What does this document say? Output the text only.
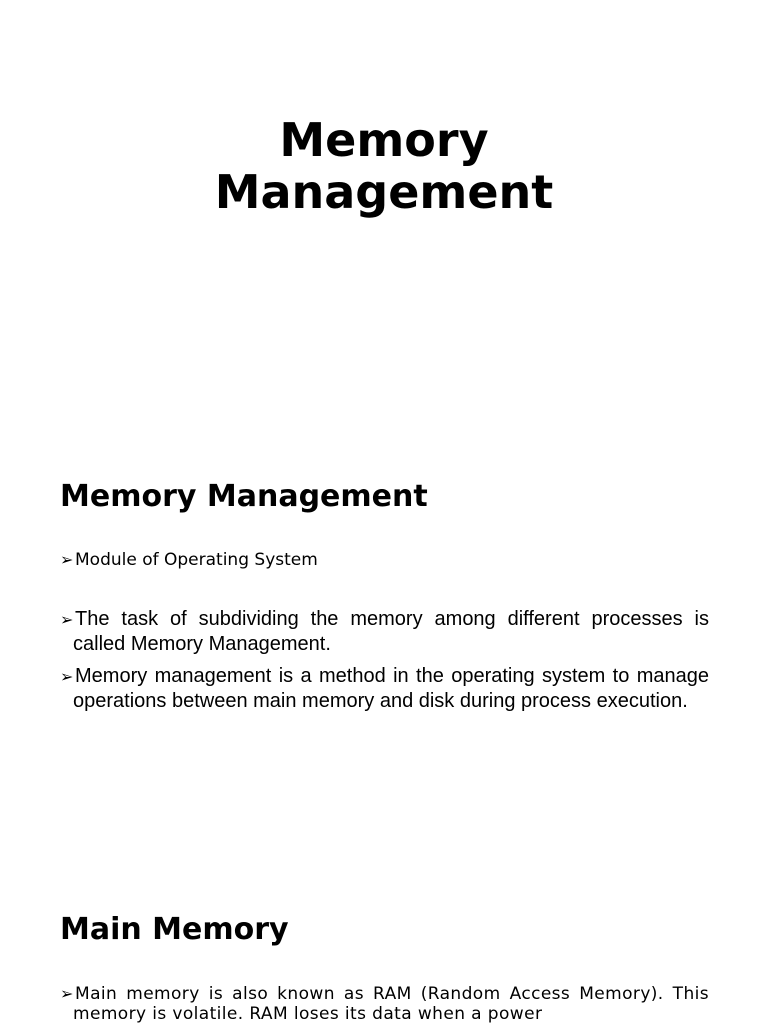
Memory
Management
Memory Management

➢Module of Operating System

➢The task of subdividing the memory among different processes is called Memory Management.

➢Memory management is a method in the operating system to manage operations between main memory and disk during process execution.

Main Memory

➢Main memory is also known as RAM (Random Access Memory). This memory is volatile. RAM loses its data when a power
